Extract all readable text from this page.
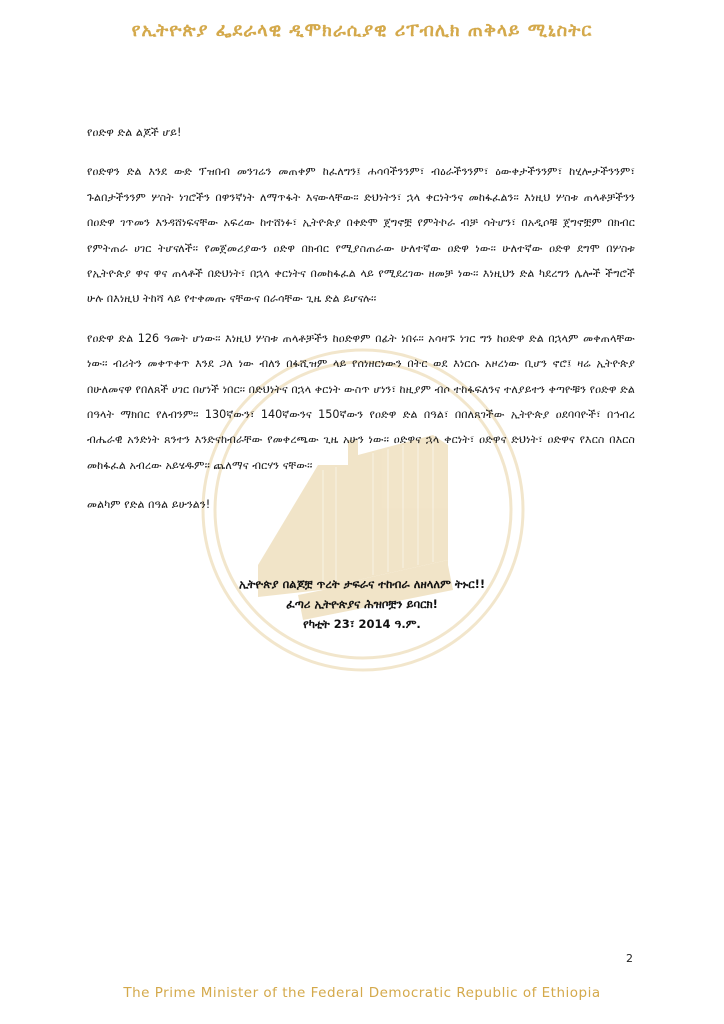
የኢትዮጵያ ፌደራላዊ ዲሞክራሲያዊ ሪፐብሊክ ጠቅላይ ሚኒስትር

የዐድዋ ድል ልጆች ሆይ!

የዐድዋን ድል እንደ ውድ ፕዝበብ መንገሬን መጠቀም ከፈለግን፤ ሐሳባችንንም፣ ብዕራችንንም፣ ዕውቀታችንንም፣ ከሂሎታችንንም፣ ጉልበታችንንም ሦስት ነገሮችን በዋንኛነት ለማጥፋት እናውላቸው፡፡ ድህነትን፣ ኋላ ቀርነትንና መከፋፈልን፡፡ እነዚህ ሦስቱ ጠላቶቻችንን በዐድዋ ገጥመን እንዳሸነፍናቸው አፍረው ከተሸነፉ፣ ኢትዮጵያ በቀድሞ ጀግኖቿ የምትኮራ ብቻ ሳትሆን፣ በአዲሶቹ ጀግኖቿም በክብር የምትጠራ ሀገር ትሆናለች፡፡ የመጀመሪያውን ዐድዋ በክብር የሚያስጠራው ሁለተኛው ዐድዋ ነው፡፡ ሁለተኛው ዐድዋ ደግሞ በሦስቱ የኢትዮጵያ ዋና ዋና ጠላቶች በድህነት፣ በኋላ ቀርነትና በመከፋፈል ላይ የሚደረገው ዘመቻ ነው፡፡ እነዚህን ድል ካደረግን ሌሎች ችግሮች ሁሉ በእነዚህ ትከሻ ላይ የተቀመጡ ናቸውና በራሳቸው ጊዜ ድል ይሆናሉ፡፡

የዐድዋ ድል 126 ዓመት ሆነው፡፡ እነዚህ ሦስቱ ጠላቶቻችን ከዐድዋም በፊት ነበሩ፡፡ አሳዛኙ ነገር ግን ከዐድዋ ድል በኋላም መቀጠላቸው ነው፡፡ ብሪትን መቀጥቀጥ እንደ ጋለ ነው ብለን በፋሺዝም ላይ የሰነዘርነውን በትር ወደ እነርሱ አዞረነው ቢሆን ኖሮ፤ ዛሬ ኢትዮጵያ በሁለመናዋ የበለጸች ሀገር በሆነች ነበር፡፡ በድህነትና በኋላ ቀርነት ውስጥ ሆነን፣ ከዚያም ብሶ ተከፋፍለንና ተለያይተን ቀጣዮቹን የዐድዋ ድል በዓላት ማክበር የለብንም፡፡ 130ኛውን፣ 140ኛውንና 150ኛውን የዐድዋ ድል በዓል፣ በበለጸገችው ኢትዮጵያ ዐደባባዮች፣ በኅብረ ብሔራዊ አንድነት ጸንተን እንድናከብራቸው የመቀረጫው ጊዜ አሁን ነው፡፡ ዐድዋና ኋላ ቀርነት፣ ዐድዋና ድህነት፣ ዐድዋና የእርስ በእርስ መከፋፈል አብረው አይሄዱም፡፡ ጨለማና ብርሃን ናቸው፡፡

መልካም የድል በዓል ይሁንልን!

ኢትዮጵያ በልጆቿ ጥረት ታፍራና ተከብራ ለዘላለም ትኑር!!
ፈጣሪ ኢትዮጵያና ሕዝቦቿን ይባርክ!
የካቲት 23፣ 2014 ዓ.ም.
2
The Prime Minister of the Federal Democratic Republic of Ethiopia
